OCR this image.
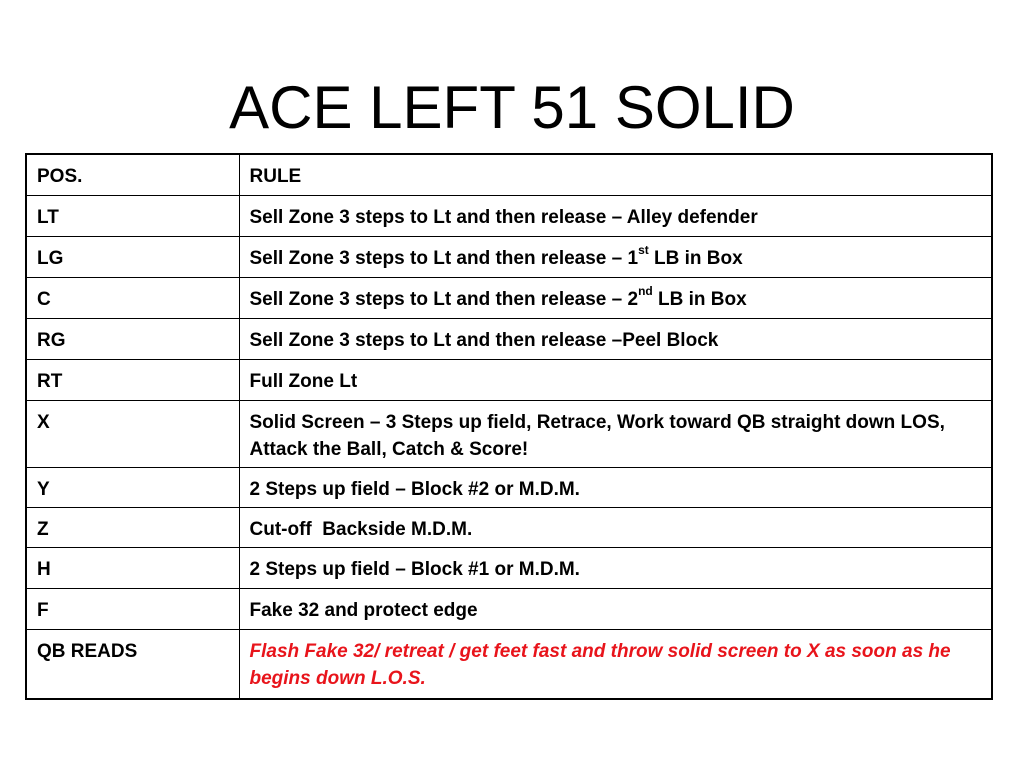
ACE LEFT 51 SOLID
POS.	RULE
LT	Sell Zone 3 steps to Lt and then release – Alley defender
LG	Sell Zone 3 steps to Lt and then release – 1st LB in Box
C	Sell Zone 3 steps to Lt and then release – 2nd LB in Box
RG	Sell Zone 3 steps to Lt and then release –Peel Block
RT	Full Zone Lt
X	Solid Screen – 3 Steps up field, Retrace, Work toward QB straight down LOS, Attack the Ball, Catch & Score!
Y	2 Steps up field – Block #2 or M.D.M.
Z	Cut-off  Backside M.D.M.
H	2 Steps up field – Block #1 or M.D.M.
F	Fake 32 and protect edge
QB READS	Flash Fake 32/ retreat / get feet fast and throw solid screen to X as soon as he begins down L.O.S.
